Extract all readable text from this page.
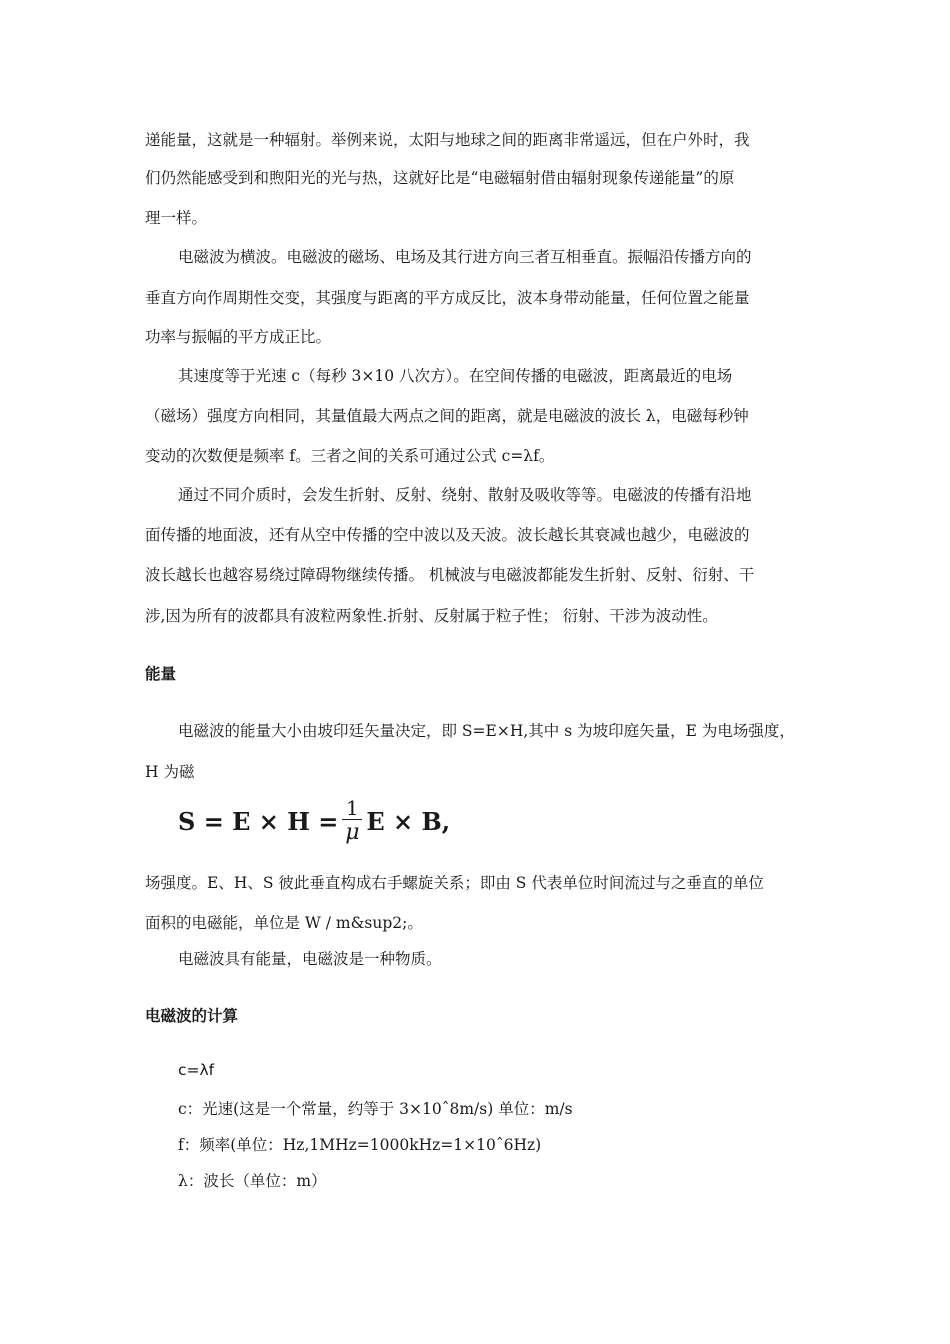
递能量，这就是一种辐射。举例来说，太阳与地球之间的距离非常遥远，但在户外时，我
们仍然能感受到和煦阳光的光与热，这就好比是“电磁辐射借由辐射现象传递能量”的原
理一样。
电磁波为横波。电磁波的磁场、电场及其行进方向三者互相垂直。振幅沿传播方向的
垂直方向作周期性交变，其强度与距离的平方成反比，波本身带动能量，任何位置之能量
功率与振幅的平方成正比。
其速度等于光速 c（每秒 3×10 八次方）。在空间传播的电磁波，距离最近的电场
（磁场）强度方向相同，其量值最大两点之间的距离，就是电磁波的波长 λ，电磁每秒钟
变动的次数便是频率 f。三者之间的关系可通过公式 c=λf。
通过不同介质时，会发生折射、反射、绕射、散射及吸收等等。电磁波的传播有沿地
面传播的地面波，还有从空中传播的空中波以及天波。波长越长其衰减也越少，电磁波的
波长越长也越容易绕过障碍物继续传播。 机械波与电磁波都能发生折射、反射、衍射、干
涉,因为所有的波都具有波粒两象性.折射、反射属于粒子性； 衍射、干涉为波动性。
能量
电磁波的能量大小由坡印廷矢量决定，即 S=E×H,其中 s 为坡印庭矢量，E 为电场强度，
H 为磁
$S = E \times H = \frac{1}{\mu}$ E × B,
场强度。E、H、S 彼此垂直构成右手螺旋关系；即由 S 代表单位时间流过与之垂直的单位
面积的电磁能，单位是 W / m&sup2;。
电磁波具有能量，电磁波是一种物质。
电磁波的计算
c=λf
c：光速(这是一个常量，约等于 3×10ˆ8m/s) 单位：m/s
f：频率(单位：Hz,1MHz=1000kHz=1×10ˆ6Hz)
λ：波长（单位：m）
